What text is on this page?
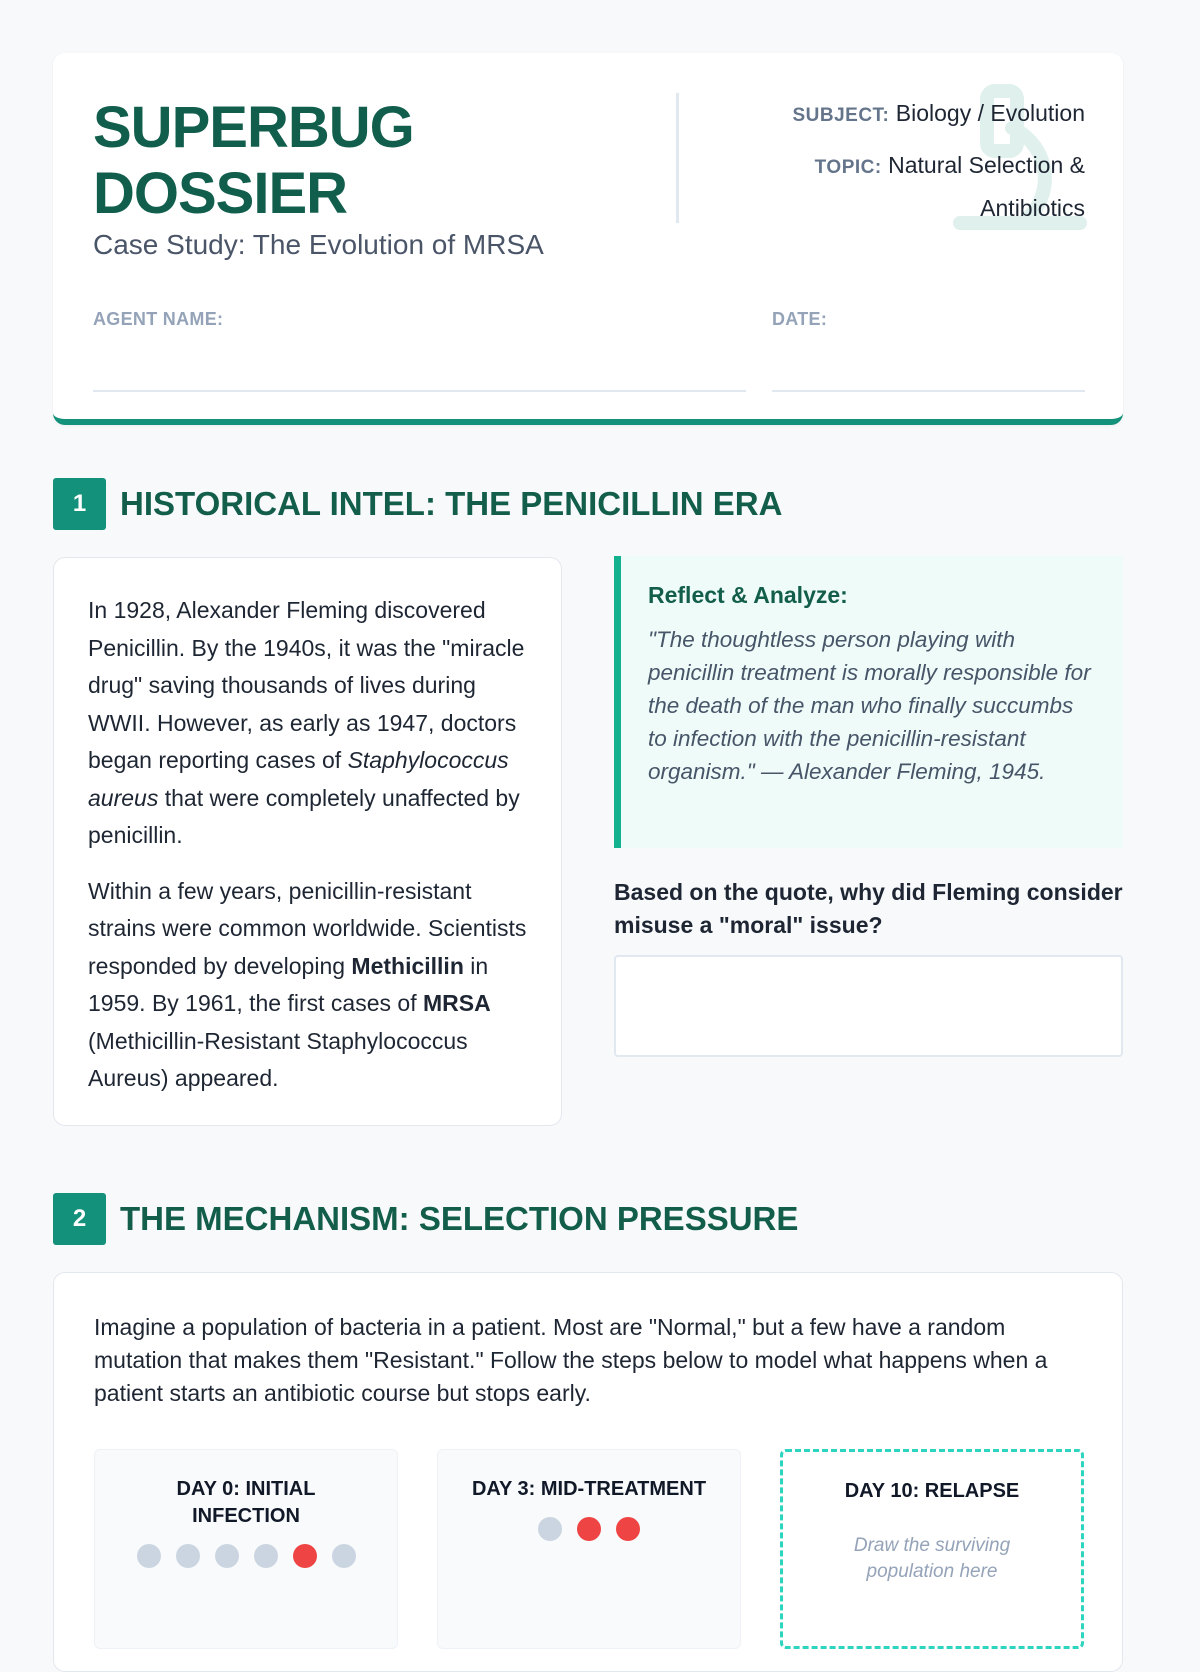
SUPERBUG
DOSSIER
Case Study: The Evolution of MRSA
SUBJECT: Biology / Evolution
TOPIC: Natural Selection &
Antibiotics
AGENT NAME:	DATE:
1	HISTORICAL INTEL: THE PENICILLIN ERA

In 1928, Alexander Fleming discovered Penicillin. By the 1940s, it was the "miracle drug" saving thousands of lives during WWII. However, as early as 1947, doctors began reporting cases of Staphylococcus aureus that were completely unaffected by penicillin.

Within a few years, penicillin-resistant strains were common worldwide. Scientists responded by developing Methicillin in 1959. By 1961, the first cases of MRSA (Methicillin-Resistant Staphylococcus Aureus) appeared.

Reflect & Analyze:
"The thoughtless person playing with penicillin treatment is morally responsible for the death of the man who finally succumbs to infection with the penicillin-resistant organism." — Alexander Fleming, 1945.
Based on the quote, why did Fleming consider misuse a "moral" issue?
2	THE MECHANISM: SELECTION PRESSURE

Imagine a population of bacteria in a patient. Most are "Normal," but a few have a random mutation that makes them "Resistant." Follow the steps below to model what happens when a patient starts an antibiotic course but stops early.

DAY 0: INITIAL INFECTION
DAY 3: MID-TREATMENT	DAY 10: RELAPSE
Draw the surviving population here
